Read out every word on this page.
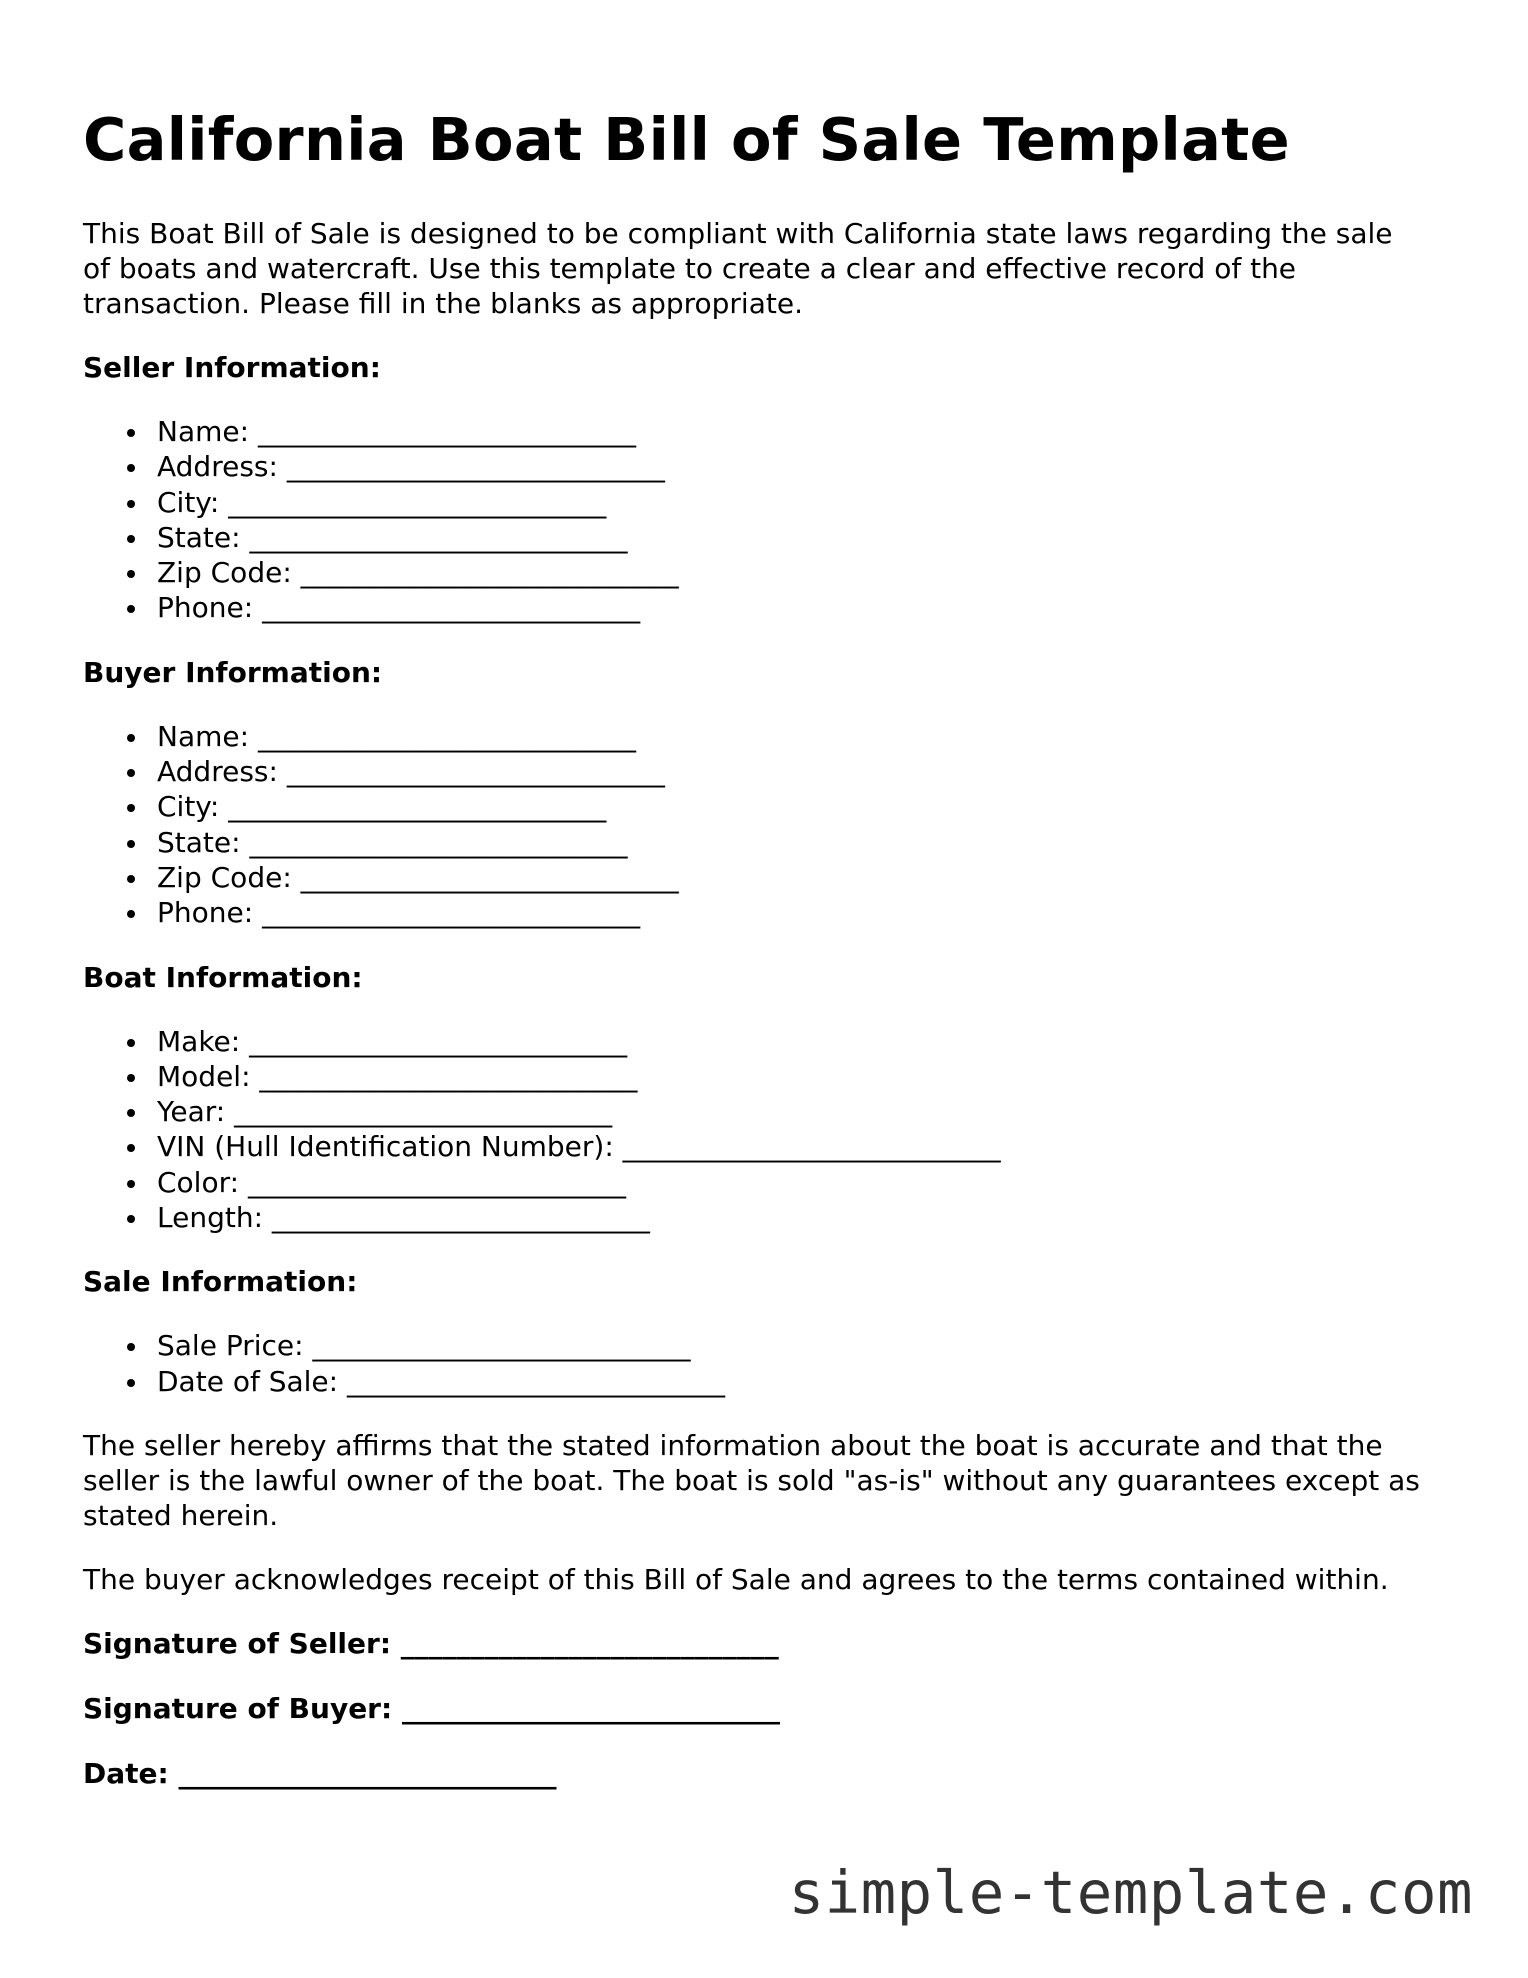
California Boat Bill of Sale Template

This Boat Bill of Sale is designed to be compliant with California state laws regarding the sale of boats and watercraft. Use this template to create a clear and effective record of the transaction. Please fill in the blanks as appropriate.

Seller Information:
Name: ___________________________
Address: ___________________________
City: ___________________________
State: ___________________________
Zip Code: ___________________________
Phone: ___________________________
Buyer Information:
Name: ___________________________
Address: ___________________________
City: ___________________________
State: ___________________________
Zip Code: ___________________________
Phone: ___________________________
Boat Information:
Make: ___________________________
Model: ___________________________
Year: ___________________________
VIN (Hull Identification Number): ___________________________
Color: ___________________________
Length: ___________________________
Sale Information:
Sale Price: ___________________________
Date of Sale: ___________________________

The seller hereby affirms that the stated information about the boat is accurate and that the seller is the lawful owner of the boat. The boat is sold "as-is" without any guarantees except as stated herein.

The buyer acknowledges receipt of this Bill of Sale and agrees to the terms contained within.

Signature of Seller: ___________________________
Signature of Buyer: ___________________________
Date: ___________________________
simple-template.com
